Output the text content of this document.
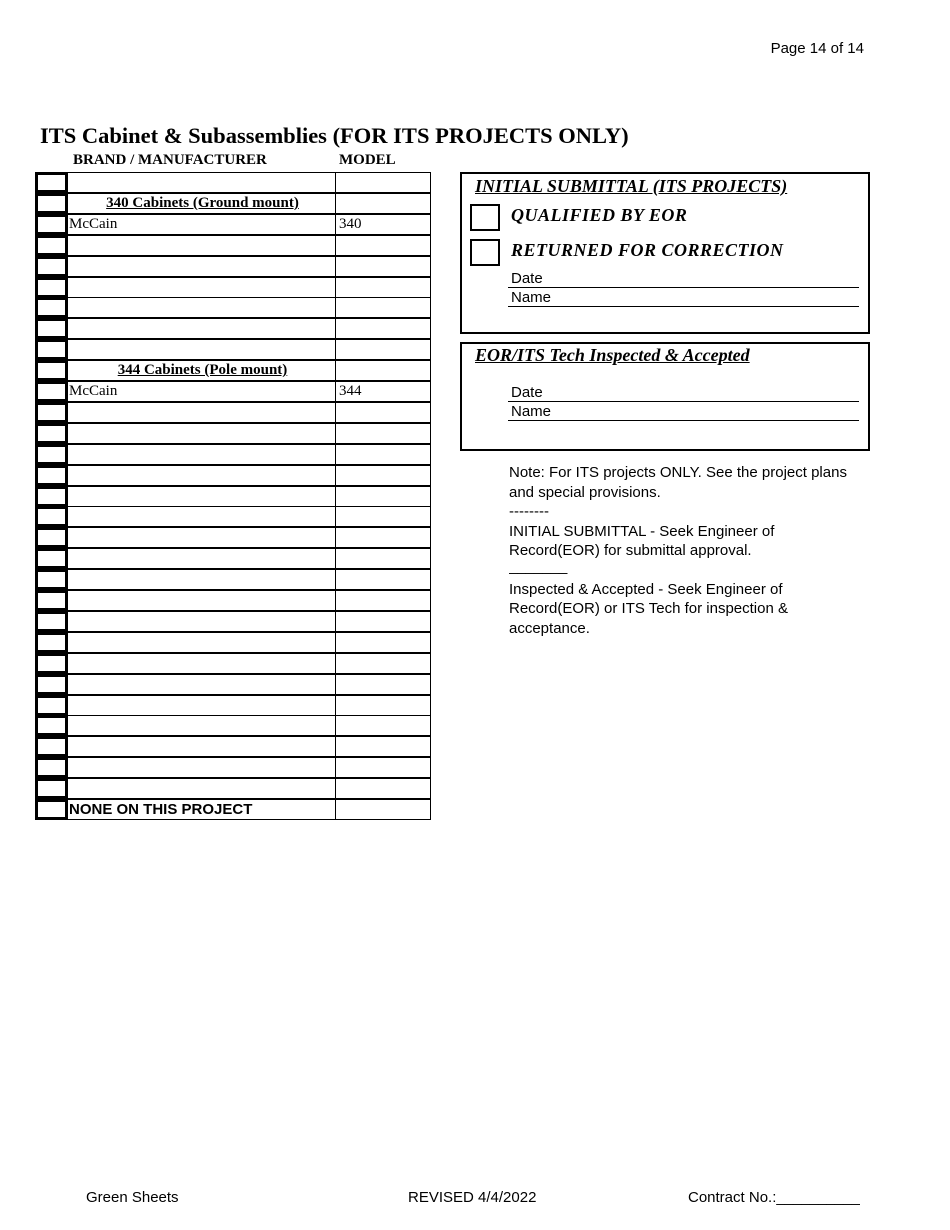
Page 14 of 14
ITS Cabinet & Subassemblies (FOR ITS PROJECTS ONLY)
BRAND / MANUFACTURER	MODEL
340 Cabinets (Ground mount)
McCain	340
344 Cabinets (Pole mount)
McCain	344
NONE ON THIS PROJECT
INITIAL SUBMITTAL (ITS PROJECTS)
QUALIFIED BY EOR
RETURNED FOR CORRECTION
Date
Name
EOR/ITS Tech Inspected & Accepted
Date
Name

Note: For ITS projects ONLY. See the project plans and special provisions.

--------

INITIAL SUBMITTAL - Seek Engineer of Record(EOR) for submittal approval.

_______

Inspected & Accepted - Seek Engineer of Record(EOR) or ITS Tech for inspection & acceptance.

Green Sheets	REVISED 4/4/2022	Contract No.:__________
